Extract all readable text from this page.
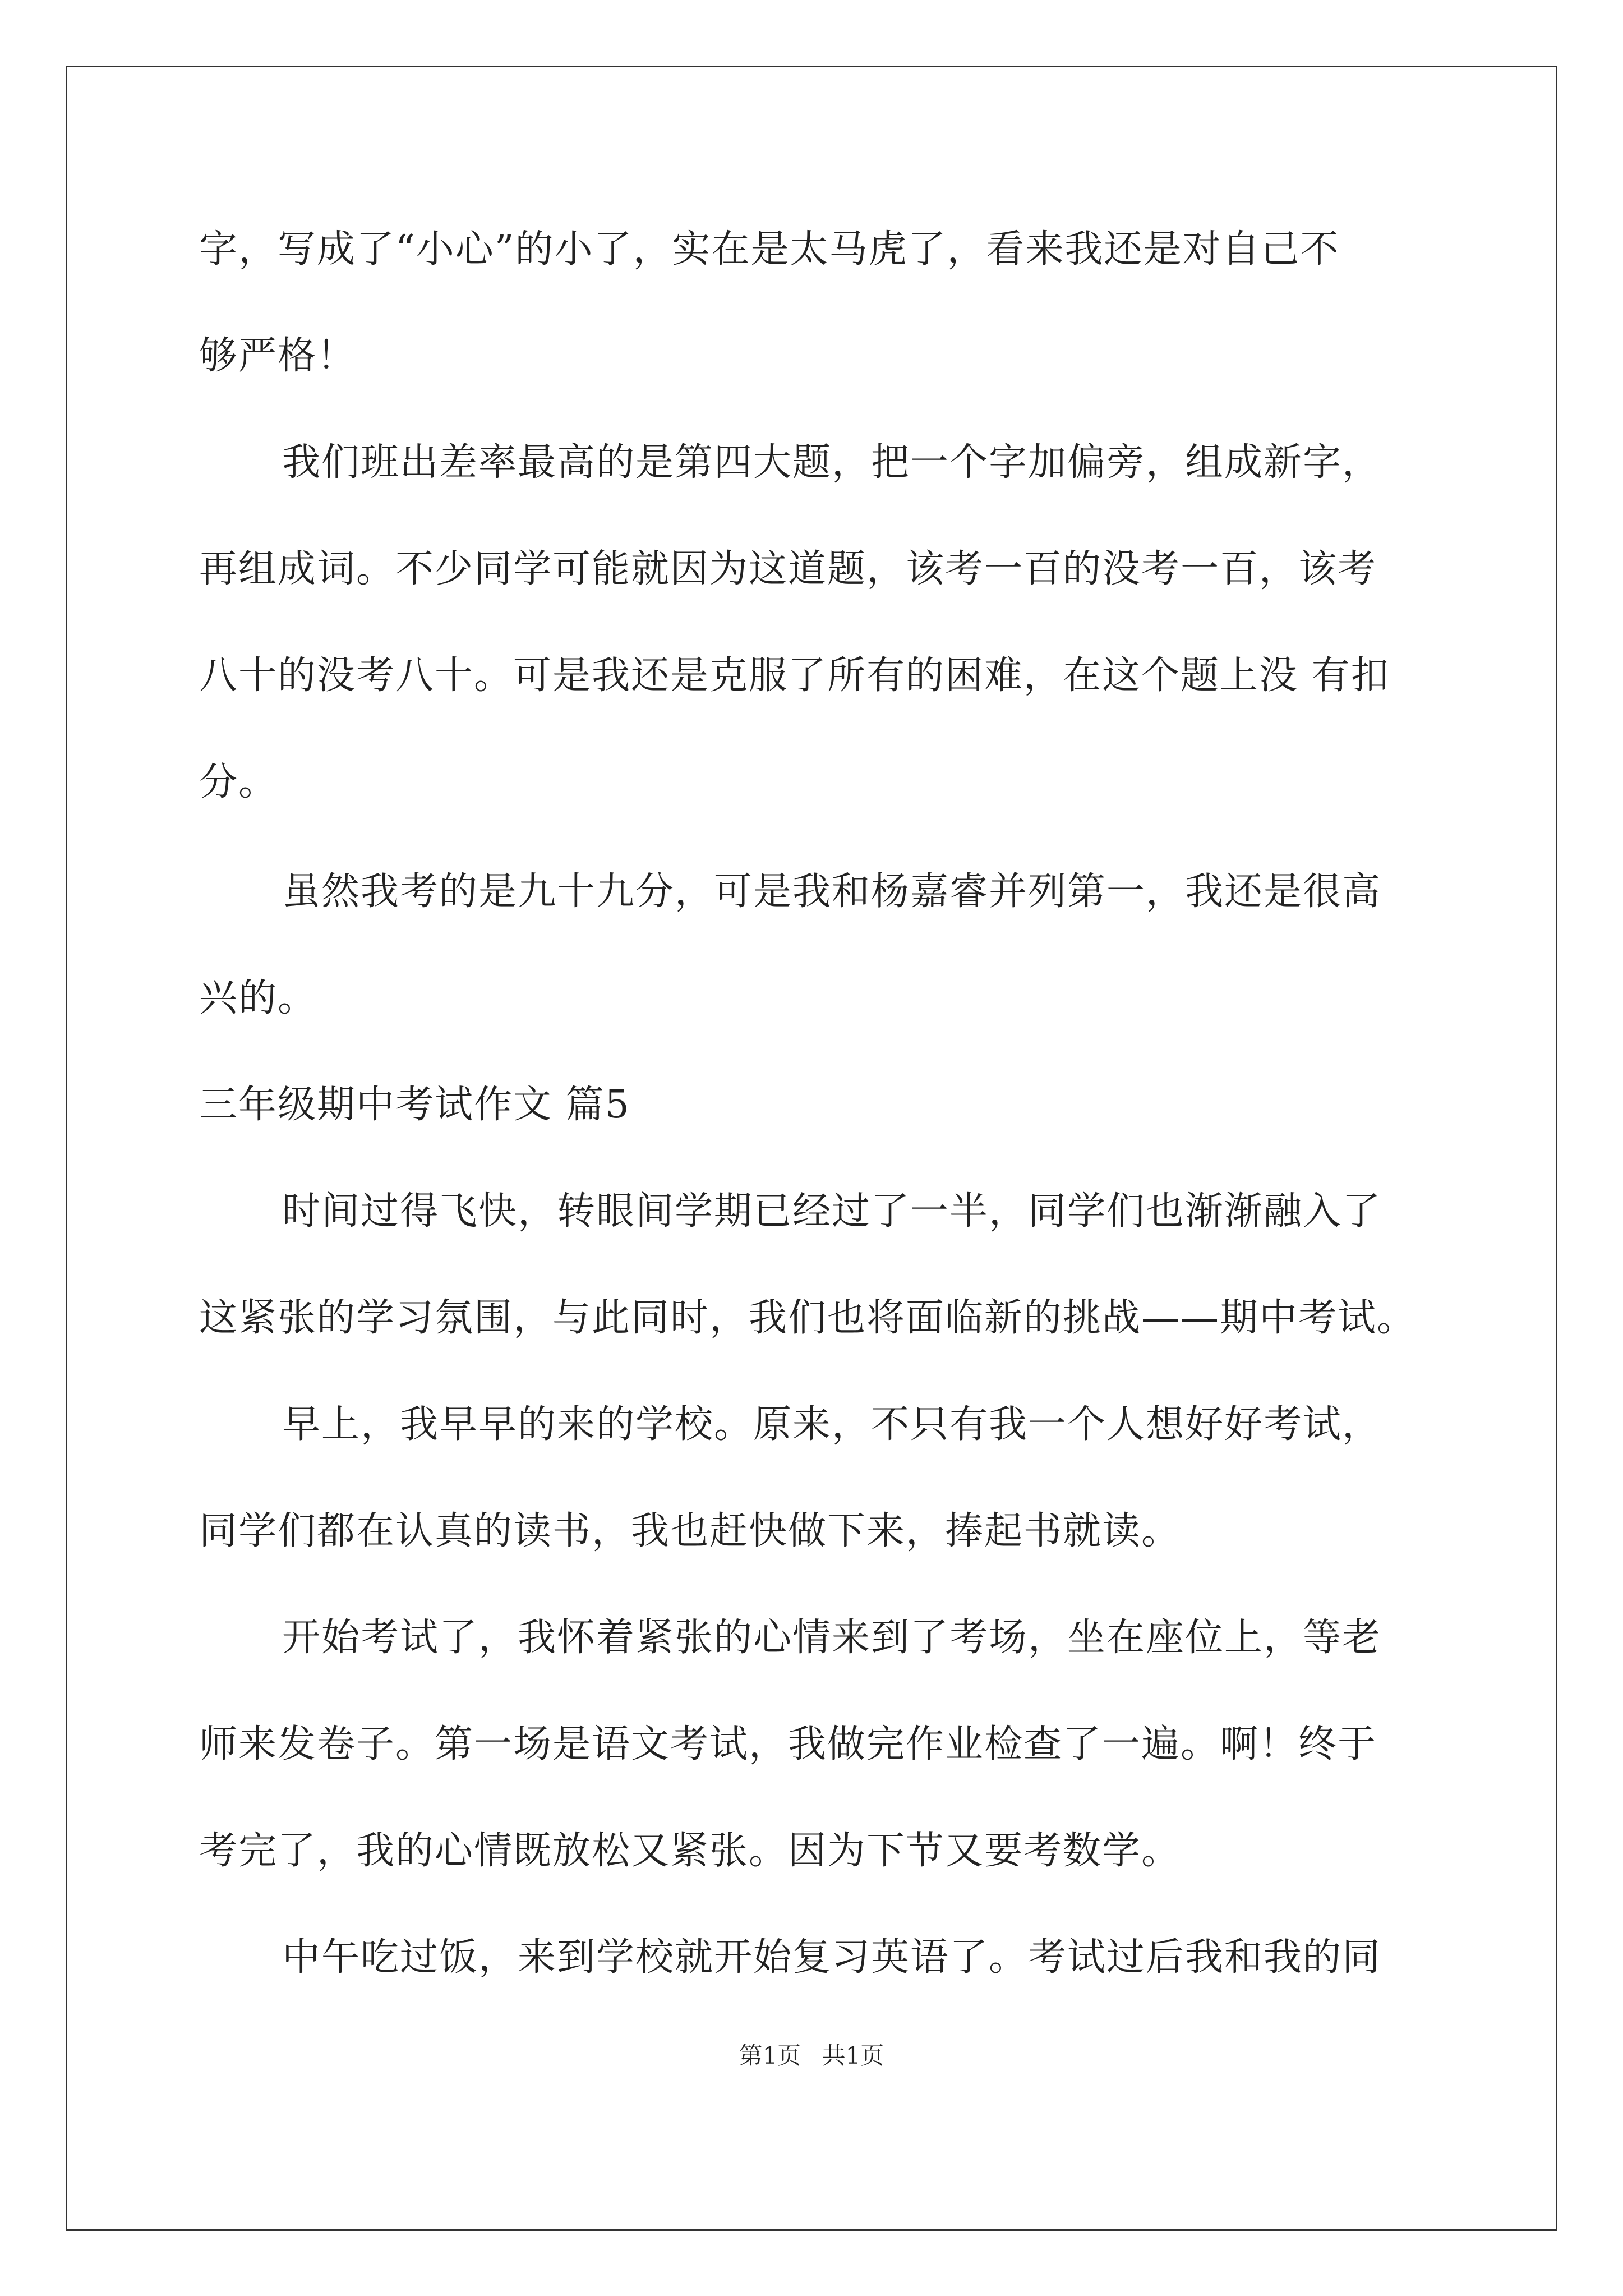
字，写成了“小心”的小了，实在是太马虎了，看来我还是对自己不
够严格！
我们班出差率最高的是第四大题，把一个字加偏旁，组成新字，
再组成词。不少同学可能就因为这道题，该考一百的没考一百，该考
八十的没考八十。可是我还是克服了所有的困难，在这个题上没 有扣
分。
虽然我考的是九十九分，可是我和杨嘉睿并列第一，我还是很高
兴的。
三年级期中考试作文 篇5
时间过得飞快，转眼间学期已经过了一半，同学们也渐渐融入了
这紧张的学习氛围，与此同时，我们也将面临新的挑战——期中考试。
早上，我早早的来的学校。原来，不只有我一个人想好好考试，
同学们都在认真的读书，我也赶快做下来，捧起书就读。
开始考试了，我怀着紧张的心情来到了考场，坐在座位上，等老
师来发卷子。第一场是语文考试，我做完作业检查了一遍。啊！终于
考完了，我的心情既放松又紧张。因为下节又要考数学。
中午吃过饭，来到学校就开始复习英语了。考试过后我和我的同
第1页 共1页
